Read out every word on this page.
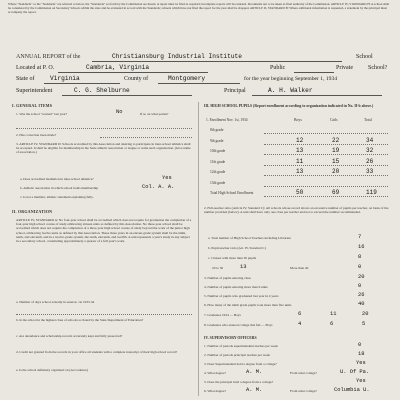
Where "Standards" or the "Standards" are referred to below, the "Standards" set forth by the Commission are meant. A report must be filed as required; incomplete reports will be returned. Documents not to be taken as final authority of the Commission. ARTICLE IV, STANDARD H: A school shall be considered by the Commission on Secondary Schools within the state and be evaluated in accord with the Standards; schools which have not filed the report for the year shall be dropped. ARTICLE II, STANDARD B: Where additional information is requested, a statement by the principal must accompany the report.
ANNUAL REPORT of the	Christiansburg Industrial Institute	School
Located at P. O.	Cambria, Virginia	Public	Private	School?
State of	Virginia	County of	Montgomery	for the year beginning September 1, 1934
Superintendent	C. G. Shelburne	Principal	A. H. Walker
I. GENERAL ITEMS
1. Was the school "warned" last year?	No	If so on what points?
2. Has correction been made?
3. ARTICLE IV, STANDARD D: Schools accredited by this Association and desiring to participate in inter-school athletics shall be accepted. It shall be eligible for membership in the State athletic association or league or some such organization. (Give name of association.)
a. Does accredited institution in inter-school athletics?	Yes
b. Athletic association in which school holds membership	Col. A. A.
c. Is not a member, athletic statement explaining fully.
II. ORGANIZATION
ARTICLE IV, STANDARD A: No four-year school shall be accredited which does not require for graduation the completion of a four-year high school course of study embracing sixteen units as defined by this Association. No three-year school shall be accredited which does not require the completion of a three-year high school course of study beyond the work of the junior high school, embracing twelve units as defined by this Association. These three years in an eleven-grade system shall be the ninth, tenth, and eleventh, and in a twelve-grade system, the tenth, eleventh, and twelfth. A unit represents a year's study in any subject in a secondary school, constituting approximately a quarter of a full year's work.
a. Number of days school actually in session. 1st 1933-34
b. Is the school in the highest class of schools so listed by the State Department of Education?
c. Are attendance and scholarship records accurately kept and fully preserved?
d. Credit not granted from the records in your office all students with a complete transcript of their high school record?
e. Is the school definitely organized on (Accordance)
III. HIGH SCHOOL PUPILS (Report enrollment according to organization indicated in No. II-b above.)
1. Enrollment Nov. 1st, 1934	Boys	Girls	Total
8th grade
9th grade	12	22	34
10th grade	13	19	32
11th grade	11	15	26
12th grade	13	20	33
13th grade
Total High School Enrollment	50	69	119
2. Full-teacher ratio (Article IV, Standard C): All schools whose record shows an excessive number of pupils per teacher, on basis of the number provided (below). A unit shall have only one class per teacher and not to exceed the number recommended.
a. Total number of High School Teachers including Librarian	7
b. Pupil-teacher ratio (Art. IV, Standard C)	16
c. Classes with more than 30 pupils	8
20 to 30	13	More than 40	0
3. Number of pupils entering class	20
4. Number of pupils entering more than 6 units	0
5. Number of pupils who graduated last year in 4 years	26
6. How many of the ninth grade pupils took more than five units	40
7. Graduates 1934 — Boys	6	11	20
8. Graduates who entered college this fall — Boys	4	6	5
IV. SUPERVISORY OFFICERS
1. Number of periods superintendent teaches per week	0
2. Number of periods principal teaches per week	18
3. Does Superintendent hold a degree from a college?	Yes
4. What degree?	A. M.	From what college?	U. Of Pa.
5. Does the principal hold a degree from a college?	Yes
6. What degree?	A. M.	From what college?	Columbia U.
